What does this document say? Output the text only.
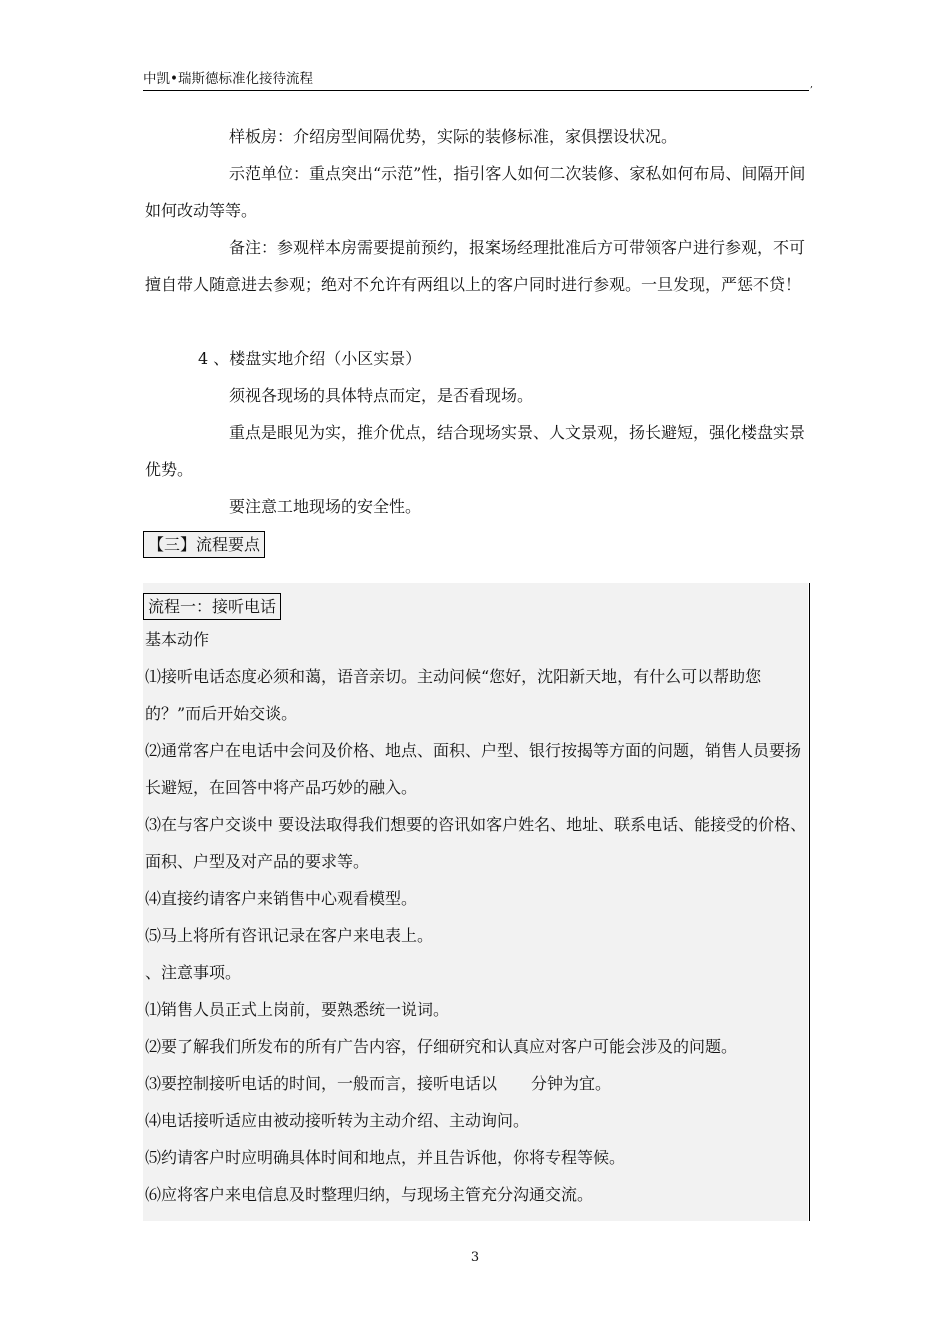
中凯•瑞斯德标准化接待流程	,

样板房：介绍房型间隔优势，实际的装修标准，家俱摆设状况。

示范单位：重点突出“示范”性，指引客人如何二次装修、家私如何布局、间隔开间如何改动等等。

备注：参观样本房需要提前预约，报案场经理批准后方可带领客户进行参观，不可擅自带人随意进去参观；绝对不允许有两组以上的客户同时进行参观。一旦发现，严惩不贷！

4 、楼盘实地介绍（小区实景）

须视各现场的具体特点而定，是否看现场。

重点是眼见为实，推介优点，结合现场实景、人文景观，扬长避短，强化楼盘实景优势。

要注意工地现场的安全性。

【三】流程要点
流程一：接听电话

基本动作

⑴接听电话态度必须和蔼，语音亲切。主动问候“您好，沈阳新天地，有什么可以帮助您的？”而后开始交谈。

⑵通常客户在电话中会问及价格、地点、面积、户型、银行按揭等方面的问题，销售人员要扬长避短，在回答中将产品巧妙的融入。

⑶在与客户交谈中 要设法取得我们想要的咨讯如客户姓名、地址、联系电话、能接受的价格、面积、户型及对产品的要求等。

⑷直接约请客户来销售中心观看模型。

⑸马上将所有咨讯记录在客户来电表上。

、注意事项。

⑴销售人员正式上岗前，要熟悉统一说词。

⑵要了解我们所发布的所有广告内容，仔细研究和认真应对客户可能会涉及的问题。

⑶要控制接听电话的时间，一般而言，接听电话以 分钟为宜。

⑷电话接听适应由被动接听转为主动介绍、主动询问。

⑸约请客户时应明确具体时间和地点，并且告诉他，你将专程等候。

⑹应将客户来电信息及时整理归纳，与现场主管充分沟通交流。

3
